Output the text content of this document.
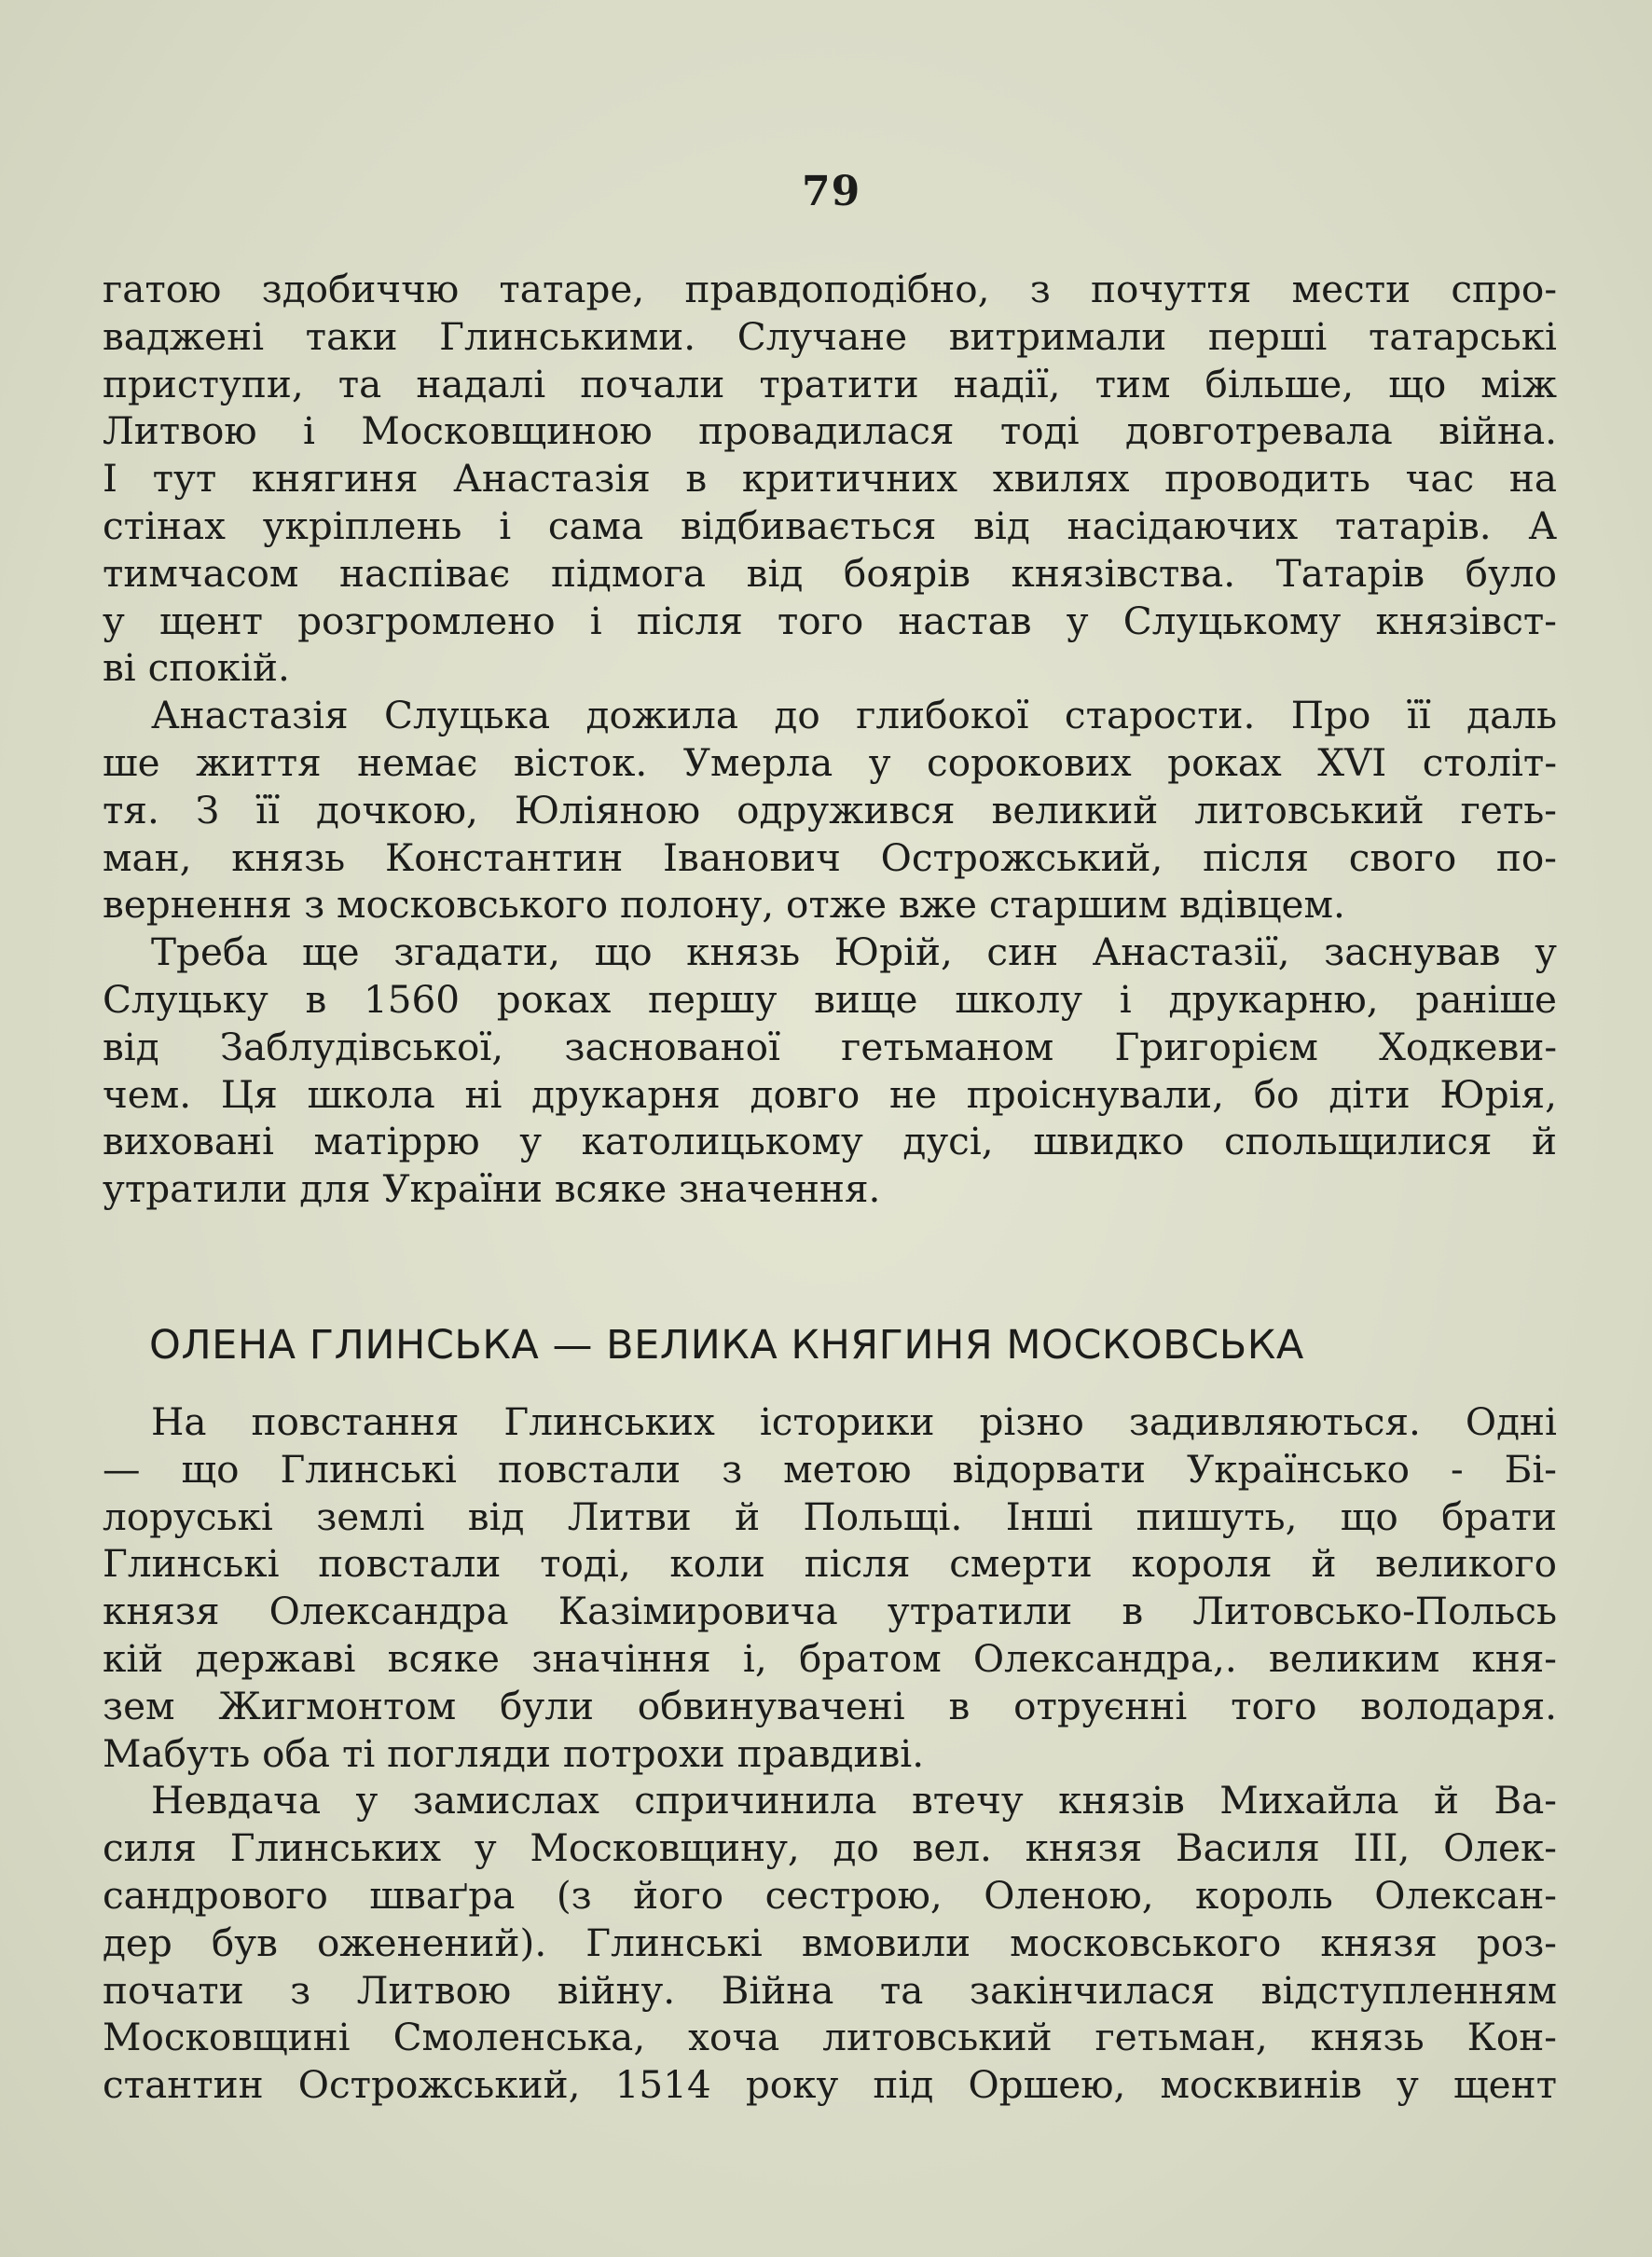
79

гатою здобиччю татаре, правдоподібно, з почуття мести спро-
ваджені таки Глинськими. Случане витримали перші татарські
приступи, та надалі почали тратити надії, тим більше, що між
Литвою і Московщиною провадилася тоді довготревала війна.
І тут княгиня Анастазія в критичних хвилях проводить час на
стінах укріплень і сама відбивається від насідаючих татарів. А
тимчасом наспіває підмога від боярів князівства. Татарів було
у щент розгромлено і після того настав у Слуцькому князівст-
ві спокій.

Анастазія Слуцька дожила до глибокої старости. Про її даль
ше життя немає вісток. Умерла у сорокових роках XVI століт-
тя. З її дочкою, Юліяною одружився великий литовський геть-
ман, князь Константин Іванович Острожський, після свого по-
вернення з московського полону, отже вже старшим вдівцем.

Треба ще згадати, що князь Юрій, син Анастазії, заснував у
Слуцьку в 1560 роках першу вище школу і друкарню, раніше
від Заблудівської, заснованої гетьманом Григорієм Ходкеви-
чем. Ця школа ні друкарня довго не проіснували, бо діти Юрія,
виховані матіррю у католицькому дусі, швидко спольщилися й
утратили для України всяке значення.

ОЛЕНА ГЛИНСЬКА — ВЕЛИКА КНЯГИНЯ МОСКОВСЬКА

На повстання Глинських історики різно задивляються. Одні
— що Глинські повстали з метою відорвати Українсько - Бі-
лоруські землі від Литви й Польщі. Інші пишуть, що брати
Глинські повстали тоді, коли після смерти короля й великого
князя Олександра Казімировича утратили в Литовсько-Польсь
кій державі всяке значіння і, братом Олександра,. великим кня-
зем Жигмонтом були обвинувачені в отруєнні того володаря.
Мабуть оба ті погляди потрохи правдиві.

Невдача у замислах спричинила втечу князів Михайла й Ва-
силя Глинських у Московщину, до вел. князя Василя III, Олек-
сандрового шваґра (з його сестрою, Оленою, король Олексан-
дер був оженений). Глинські вмовили московського князя роз-
почати з Литвою війну. Війна та закінчилася відступленням
Московщині Смоленська, хоча литовський гетьман, князь Кон-
стантин Острожський, 1514 року під Оршею, москвинів у щент
